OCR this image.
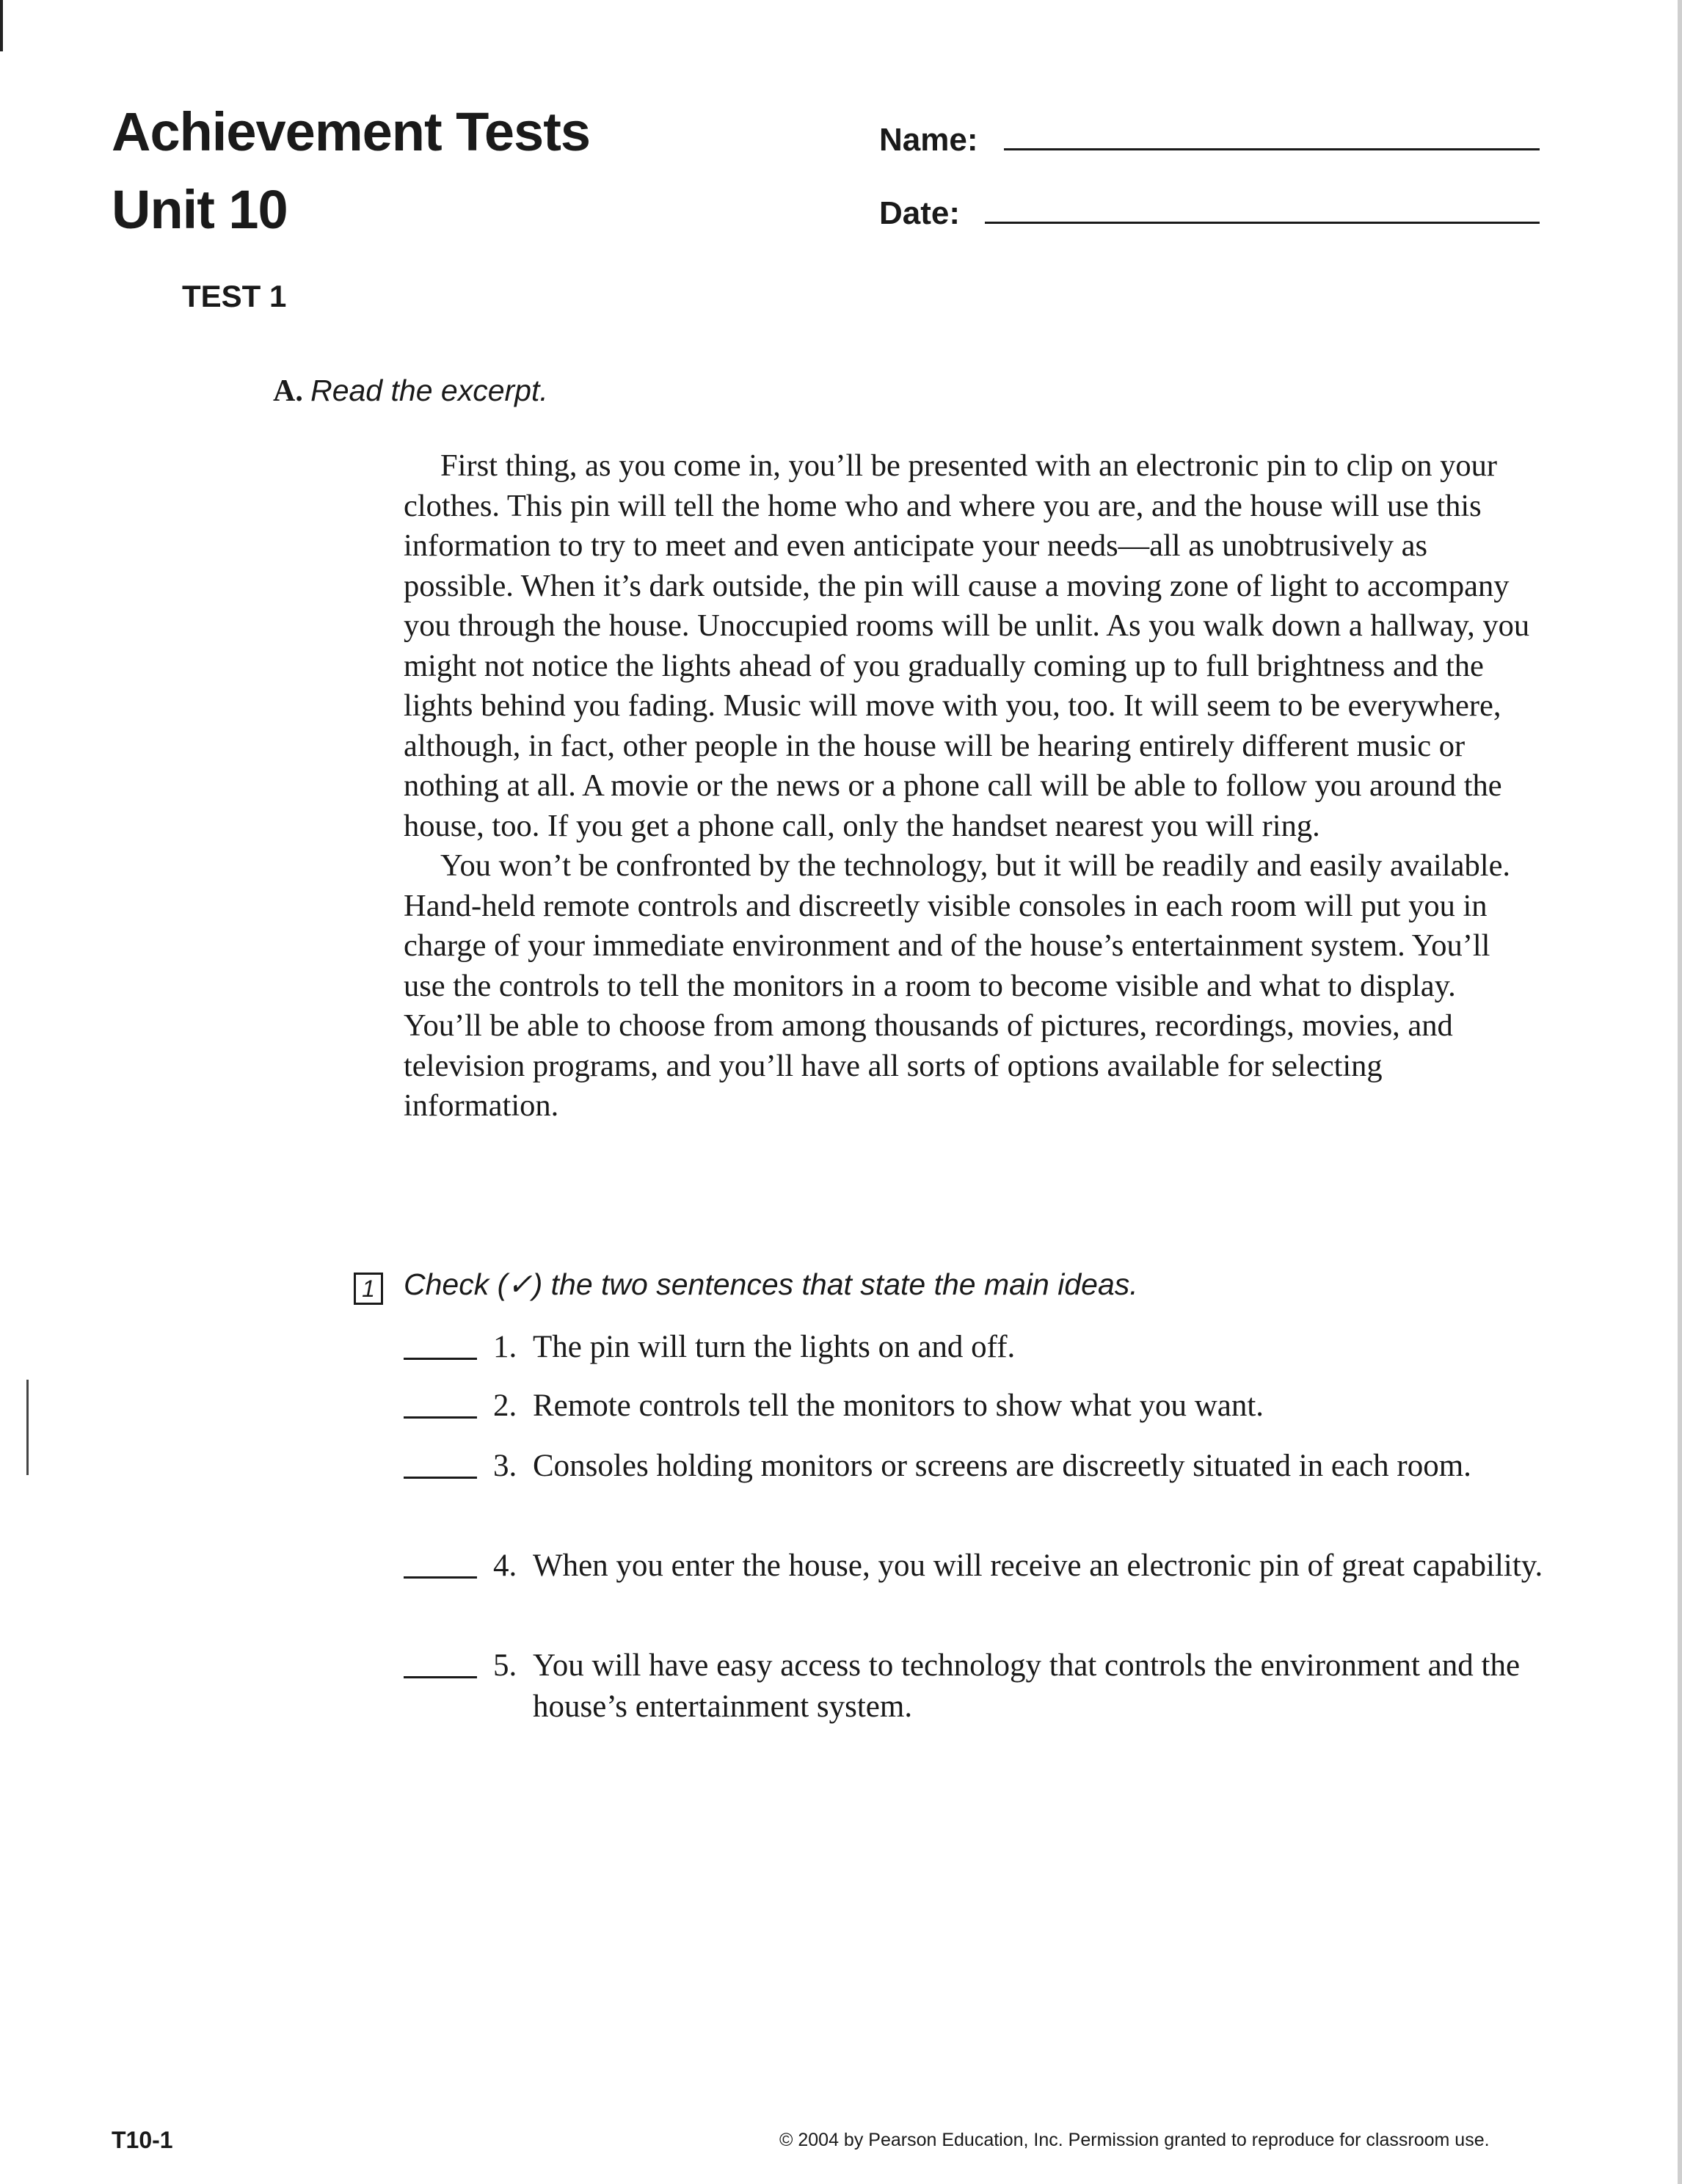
Achievement Tests
Unit 10
Name:
Date:
TEST 1
A. Read the excerpt.

First thing, as you come in, you’ll be presented with an electronic pin to clip on your clothes. This pin will tell the home who and where you are, and the house will use this information to try to meet and even anticipate your needs—all as unobtrusively as possible. When it’s dark outside, the pin will cause a moving zone of light to accompany you through the house. Unoccupied rooms will be unlit. As you walk down a hallway, you might not notice the lights ahead of you gradually coming up to full brightness and the lights behind you fading. Music will move with you, too. It will seem to be everywhere, although, in fact, other people in the house will be hearing entirely different music or nothing at all. A movie or the news or a phone call will be able to follow you around the house, too. If you get a phone call, only the handset nearest you will ring.

You won’t be confronted by the technology, but it will be readily and easily available. Hand-held remote controls and discreetly visible consoles in each room will put you in charge of your immediate environment and of the house’s entertainment system. You’ll use the controls to tell the monitors in a room to become visible and what to display. You’ll be able to choose from among thousands of pictures, recordings, movies, and television programs, and you’ll have all sorts of options available for selecting information.

1 Check (✓) the two sentences that state the main ideas.
1. The pin will turn the lights on and off.
2. Remote controls tell the monitors to show what you want.
3. Consoles holding monitors or screens are discreetly situated in each room.
4. When you enter the house, you will receive an electronic pin of great capability.
5. You will have easy access to technology that controls the environment and the house’s entertainment system.
T10-1	© 2004 by Pearson Education, Inc. Permission granted to reproduce for classroom use.
